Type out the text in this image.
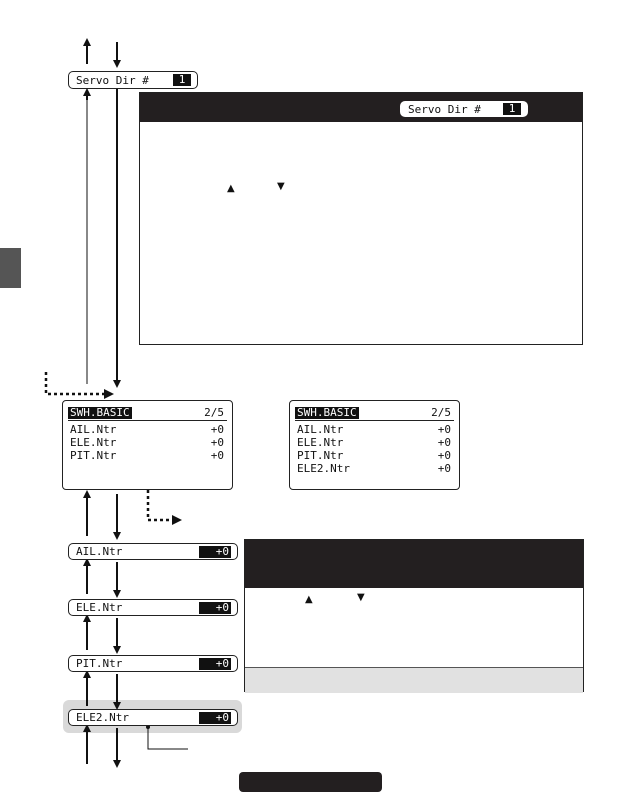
Servo Dir #	1
Servo Dir #	1
▲	▼
SWH.BASIC	2/5
AIL.Ntr	+0
ELE.Ntr	+0
PIT.Ntr	+0
SWH.BASIC	2/5
AIL.Ntr	+0
ELE.Ntr	+0
PIT.Ntr	+0
ELE2.Ntr	+0
AIL.Ntr	+0
ELE.Ntr	+0
PIT.Ntr	+0
ELE2.Ntr	+0
▲	▼
